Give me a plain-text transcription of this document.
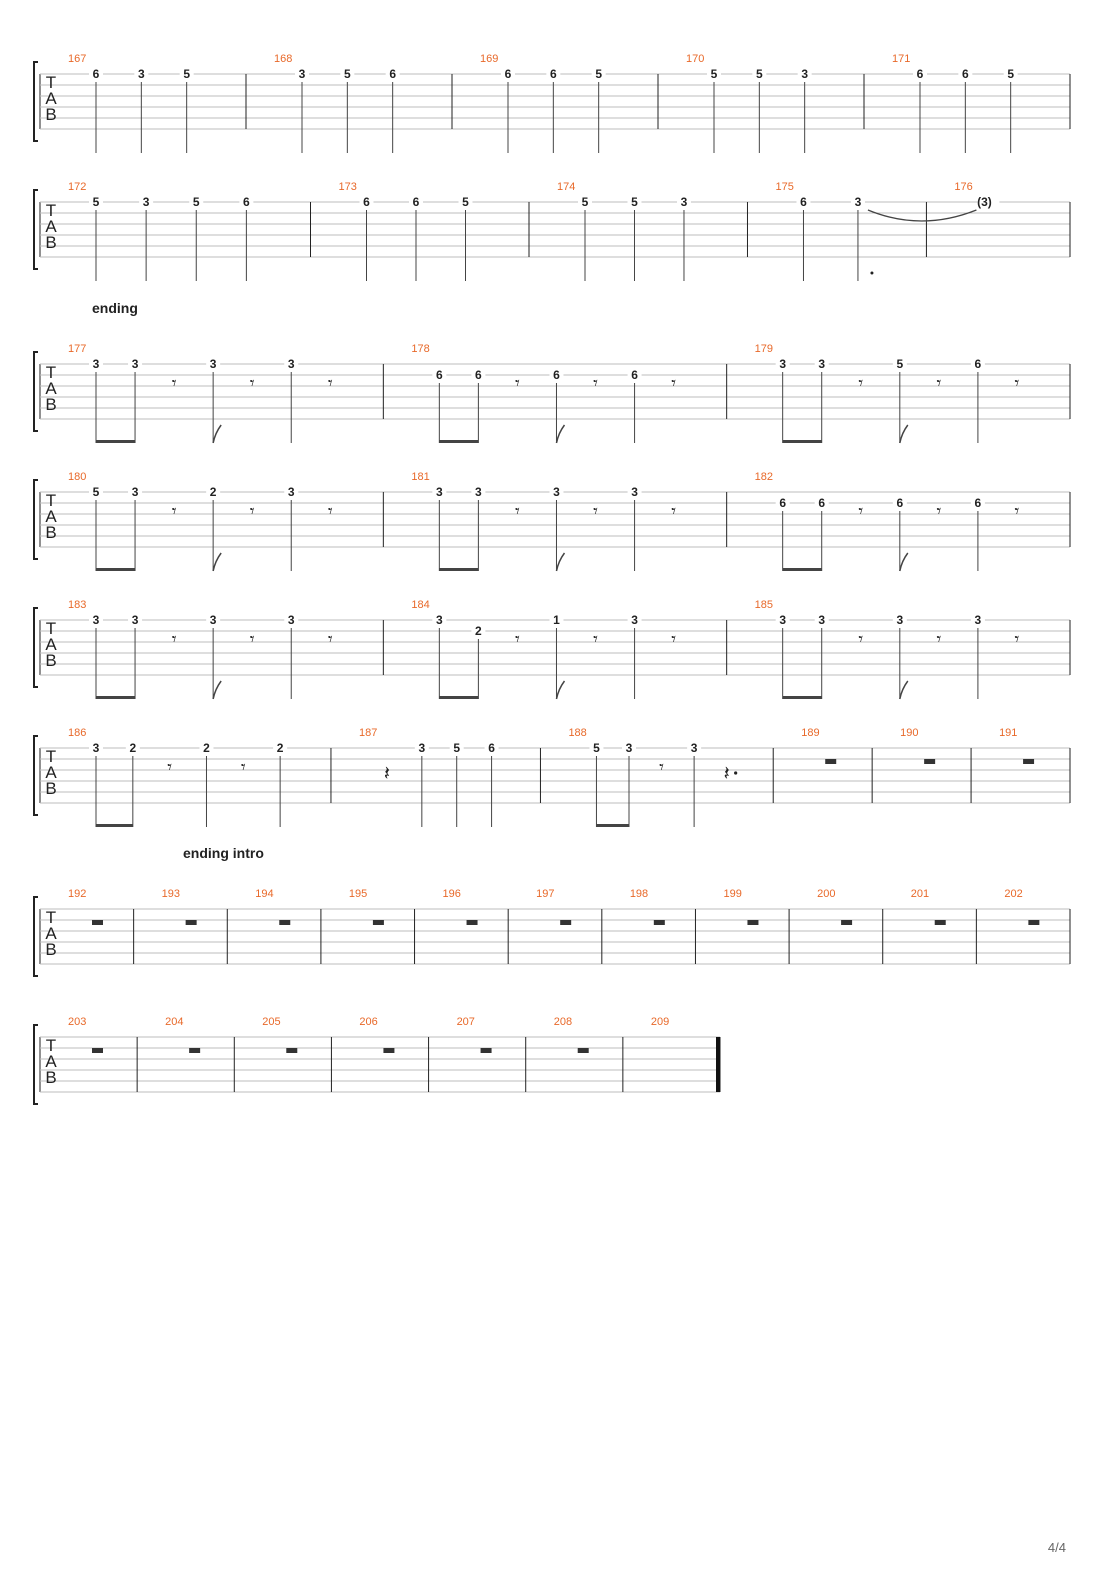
T
A
B
167
6	3	5
168
3	5	6
169
6	6	5
170
5	5	3
171
6	6	5
T
A
B
172
5	3	5	6
173
6	6	5
174
5	5	3
175
6	3
176
(3)
ending
T
A
B
177
3	3
𝄾
3
𝄾
3
𝄾
178
6	6 𝄾	6 𝄾	6 𝄾
179
3	3
𝄾
5
𝄾
6
𝄾
T
A
B
180
5	3
𝄾
2
𝄾
3
𝄾
181
3	3
𝄾
3
𝄾
3
𝄾
182
6	6 𝄾	6 𝄾	6 𝄾
T
A
B
183
3	3
𝄾
3
𝄾
3
𝄾
184
3
2 𝄾
1
𝄾
3
𝄾
185
3	3
𝄾
3
𝄾
3
𝄾
T
A
B
186
3	2
𝄾
2
𝄾
2
187
𝄽
3 5 6
188
5 3
𝄾
3
𝄽
189	190	191
ending intro
T
A
B
192	193	194	195	196	197	198	199	200	201	202
T
A
B
203	204	205	206	207	208	209
4/4
